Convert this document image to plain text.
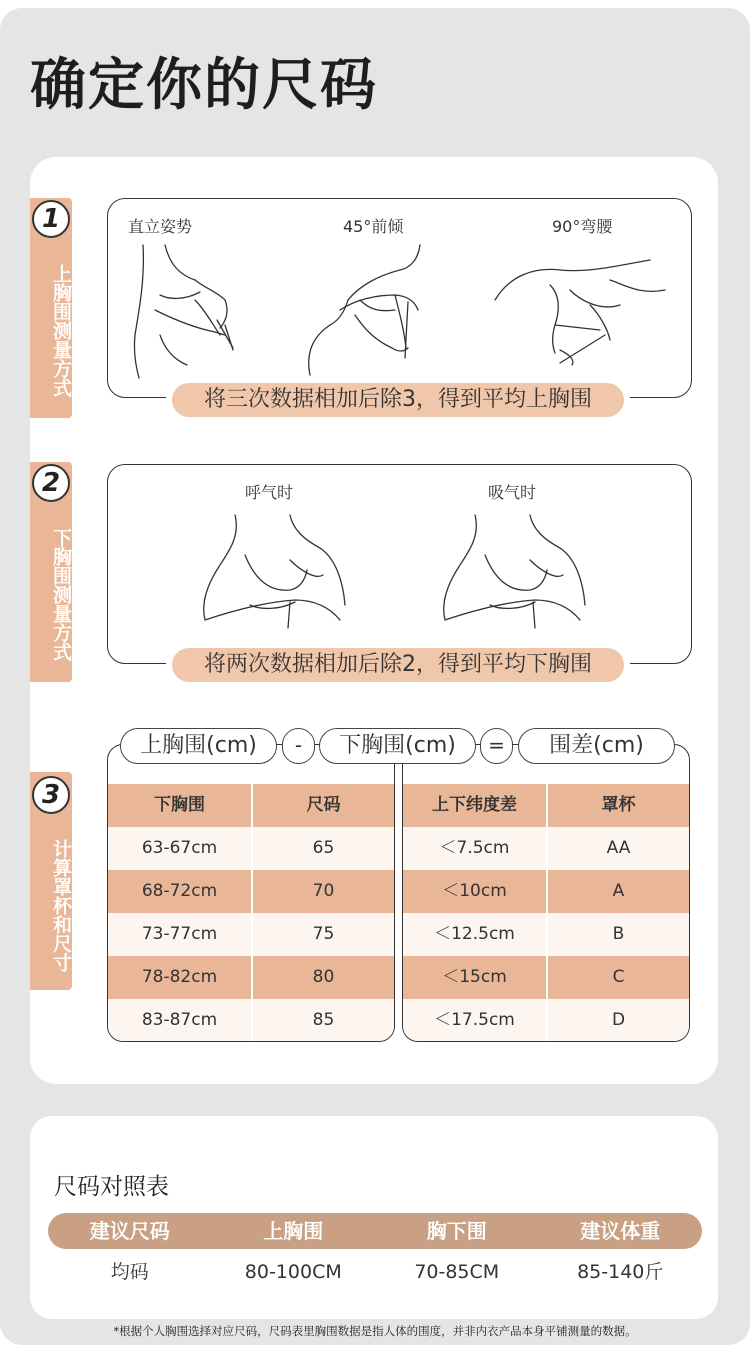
确定你的尺码
1
上胸围测量方式
直立姿势	45°前倾	90°弯腰
将三次数据相加后除3，得到平均上胸围
2
下胸围测量方式
呼气时	吸气时
将两次数据相加后除2，得到平均下胸围
3
计算罩杯和尺寸
下胸围	尺码
63-67cm	65
68-72cm	70
73-77cm	75
78-82cm	80
83-87cm	85
上下纬度差	罩杯
＜7.5cm	AA
＜10cm	A
＜12.5cm	B
＜15cm	C
＜17.5cm	D
上胸围(cm)	-	下胸围(cm)	=	围差(cm)
尺码对照表
建议尺码	上胸围	胸下围	建议体重
均码	80-100CM	70-85CM	85-140斤
*根据个人胸围选择对应尺码，尺码表里胸围数据是指人体的围度，并非内衣产品本身平铺测量的数据。
